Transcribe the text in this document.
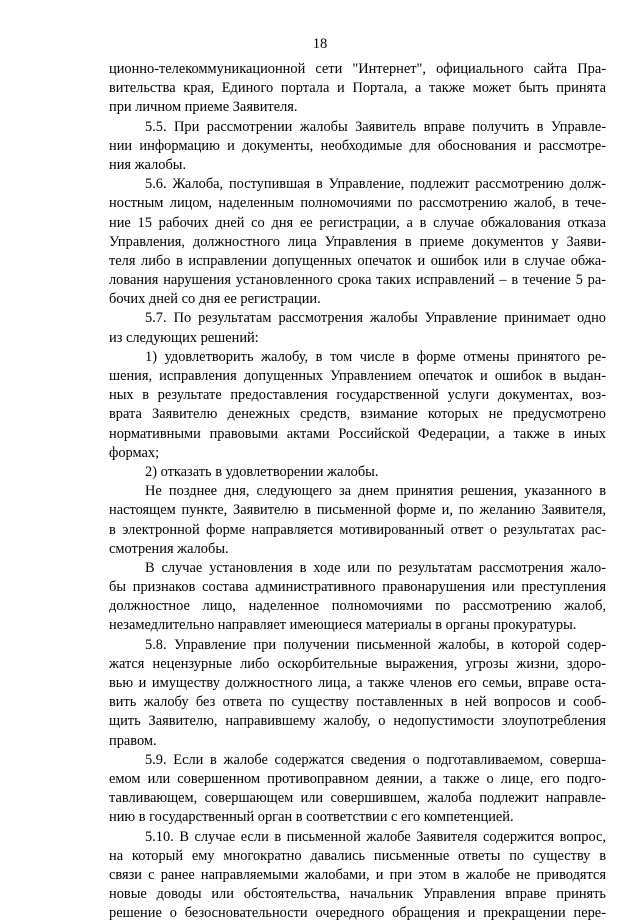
18
ционно-телекоммуникационной сети "Интернет", официального сайта Пра-
вительства края, Единого портала и Портала, а также может быть принята
при личном приеме Заявителя.
5.5. При рассмотрении жалобы Заявитель вправе получить в Управле-
нии информацию и документы, необходимые для обоснования и рассмотре-
ния жалобы.
5.6. Жалоба, поступившая в Управление, подлежит рассмотрению долж-
ностным лицом, наделенным полномочиями по рассмотрению жалоб, в тече-
ние 15 рабочих дней со дня ее регистрации, а в случае обжалования отказа
Управления, должностного лица Управления в приеме документов у Заяви-
теля либо в исправлении допущенных опечаток и ошибок или в случае обжа-
лования нарушения установленного срока таких исправлений – в течение 5 ра-
бочих дней со дня ее регистрации.
5.7. По результатам рассмотрения жалобы Управление принимает одно
из следующих решений:
1) удовлетворить жалобу, в том числе в форме отмены принятого ре-
шения, исправления допущенных Управлением опечаток и ошибок в выдан-
ных в результате предоставления государственной услуги документах, воз-
врата Заявителю денежных средств, взимание которых не предусмотрено
нормативными правовыми актами Российской Федерации, а также в иных
формах;
2) отказать в удовлетворении жалобы.
Не позднее дня, следующего за днем принятия решения, указанного в
настоящем пункте, Заявителю в письменной форме и, по желанию Заявителя,
в электронной форме направляется мотивированный ответ о результатах рас-
смотрения жалобы.
В случае установления в ходе или по результатам рассмотрения жало-
бы признаков состава административного правонарушения или преступления
должностное лицо, наделенное полномочиями по рассмотрению жалоб,
незамедлительно направляет имеющиеся материалы в органы прокуратуры.
5.8. Управление при получении письменной жалобы, в которой содер-
жатся нецензурные либо оскорбительные выражения, угрозы жизни, здоро-
вью и имуществу должностного лица, а также членов его семьи, вправе оста-
вить жалобу без ответа по существу поставленных в ней вопросов и сооб-
щить Заявителю, направившему жалобу, о недопустимости злоупотребления
правом.
5.9. Если в жалобе содержатся сведения о подготавливаемом, соверша-
емом или совершенном противоправном деянии, а также о лице, его подго-
тавливающем, совершающем или совершившем, жалоба подлежит направле-
нию в государственный орган в соответствии с его компетенцией.
5.10. В случае если в письменной жалобе Заявителя содержится вопрос,
на который ему многократно давались письменные ответы по существу в
связи с ранее направляемыми жалобами, и при этом в жалобе не приводятся
новые доводы или обстоятельства, начальник Управления вправе принять
решение о безосновательности очередного обращения и прекращении пере-
